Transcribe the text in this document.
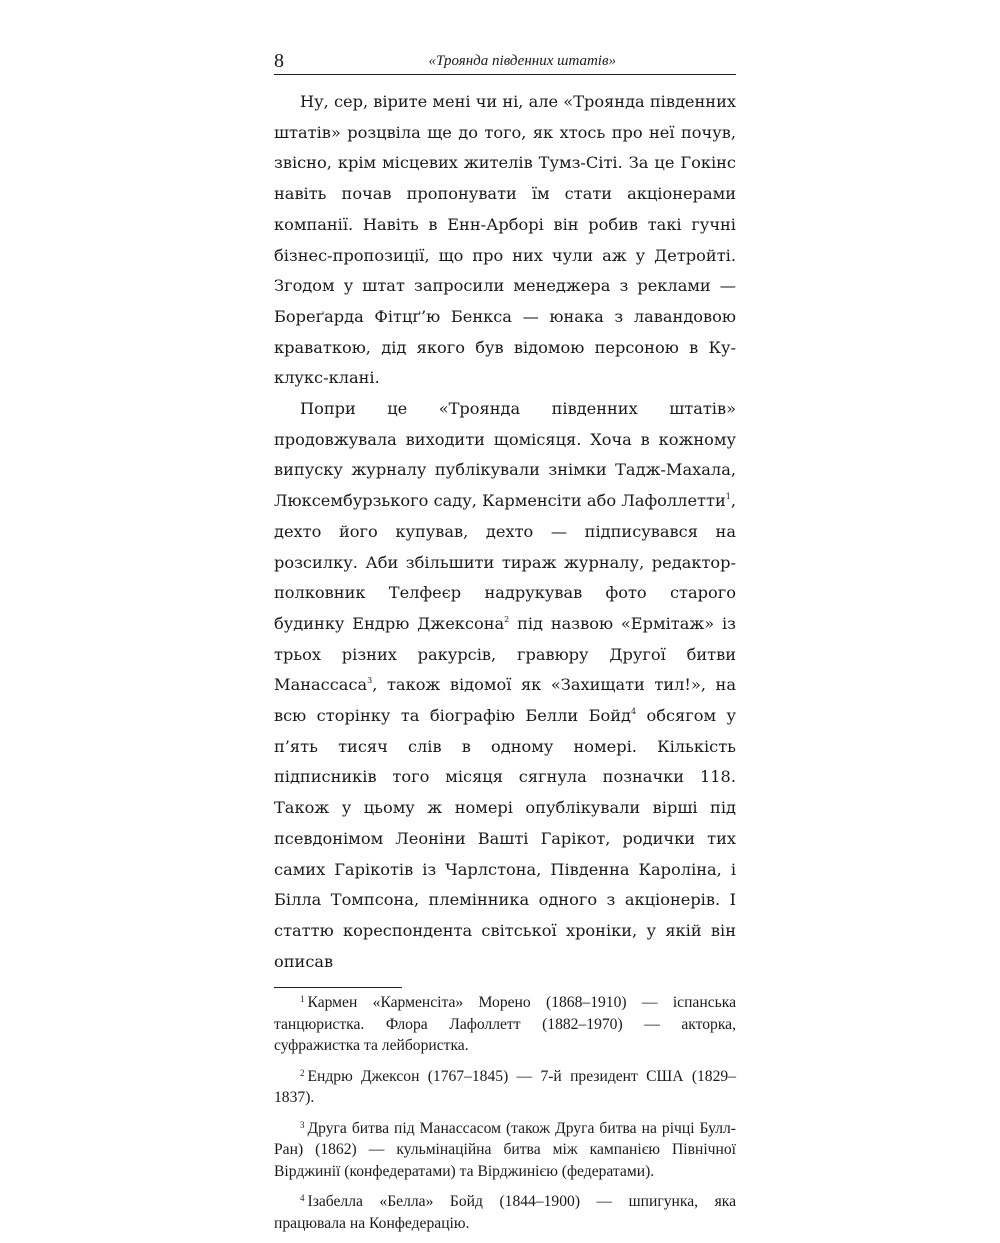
8	«Троянда південних штатів»

Ну, сер, вірите мені чи ні, але «Троянда південних штатів» розцвіла ще до того, як хтось про неї почув, звісно, крім місцевих жителів Тумз-Сіті. За це Гокінс навіть почав пропонувати їм стати акціонерами компанії. Навіть в Енн-Арборі він робив такі гучні бізнес-пропозиції, що про них чули аж у Детройті. Згодом у штат запросили менеджера з реклами — Бореґарда Фітцґ’ю Бенкса — юнака з лавандовою краваткою, дід якого був відомою персоною в Ку-клукс-клані.

Попри це «Троянда південних штатів» продовжувала виходити щомісяця. Хоча в кожному випуску журналу публікували знімки Тадж-Махала, Люксембурзького саду, Карменсіти або Лафоллетти$^1$, дехто його купував, дехто — підписувався на розсилку. Аби збільшити тираж журналу, редактор-полковник Телфеєр надрукував фото старого будинку Ендрю Джексона$^2$ під назвою «Ермітаж» із трьох різних ракурсів, гравюру Другої битви Манассаса$^3$, також відомої як «Захищати тил!», на всю сторінку та біографію Белли Бойд$^4$ обсягом у п’ять тисяч слів в одному номері. Кількість підписників того місяця сягнула позначки 118. Також у цьому ж номері опублікували вірші під псевдонімом Леоніни Вашті Гарікот, родички тих самих Гарікотів із Чарлстона, Південна Кароліна, і Білла Томпсона, племінника одного з акціонерів. І статтю кореспондента світської хроніки, у якій він описав

$^1$ Кармен «Карменсіта» Морено (1868–1910) — іспанська танцюристка. Флора Лафоллетт (1882–1970) — акторка, суфражистка та лейбористка.

$^2$ Ендрю Джексон (1767–1845) — 7-й президент США (1829–1837).

$^3$ Друга битва під Манассасом (також Друга битва на річці Булл-Ран) (1862) — кульмінаційна битва між кампанією Північної Вірджинії (конфедератами) та Вірджинією (федератами).

$^4$ Ізабелла «Белла» Бойд (1844–1900) — шпигунка, яка працювала на Конфедерацію.
